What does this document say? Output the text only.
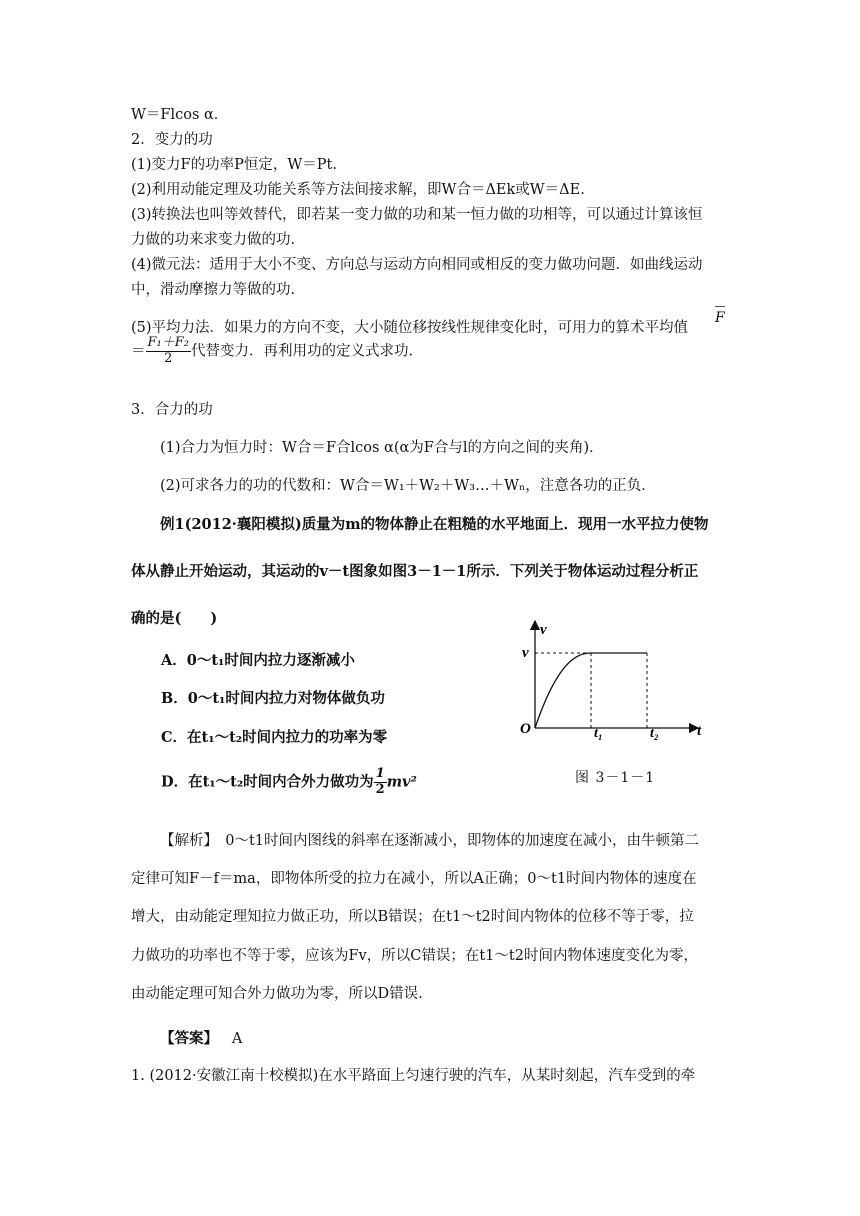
W＝Flcos α．
2．变力的功
(1)变力F的功率P恒定，W＝Pt.
(2)利用动能定理及功能关系等方法间接求解，即W合＝ΔEk或W＝ΔE.
(3)转换法也叫等效替代，即若某一变力做的功和某一恒力做的功相等，可以通过计算该恒
力做的功来求变力做的功.
(4)微元法：适用于大小不变、方向总与运动方向相同或相反的变力做功问题．如曲线运动
中，滑动摩擦力等做的功.
(5)平均力法．如果力的方向不变，大小随位移按线性规律变化时，可用力的算术平均值
F
＝ $\frac{\text{F₁＋F₂}}{2}$ 代替变力．再利用功的定义式求功.
3．合力的功
(1)合力为恒力时：W合＝F合lcos α(α为F合与l的方向之间的夹角)．
(2)可求各力的功的代数和：W合＝W₁＋W₂＋W₃…＋Wₙ，注意各功的正负．
例1(2012·襄阳模拟)质量为m的物体静止在粗糙的水平地面上．现用一水平拉力使物
体从静止开始运动，其运动的v－t图象如图3－1－1所示．下列关于物体运动过程分析正
确的是(　　)
A．0～t₁时间内拉力逐渐减小
B．0～t₁时间内拉力对物体做负功
C．在t₁～t₂时间内拉力的功率为零
D．在t₁～t₂时间内合外力做功为 $\frac{1}{2} mv^2$
v
t
O
v
t₁	t₂
图 3－1－1
【解析】　0～t1时间内图线的斜率在逐渐减小，即物体的加速度在减小，由牛顿第二
定律可知F－f＝ma，即物体所受的拉力在减小，所以A正确；0～t1时间内物体的速度在
增大，由动能定理知拉力做正功，所以B错误；在t1～t2时间内物体的位移不等于零，拉
力做功的功率也不等于零，应该为Fv，所以C错误；在t1～t2时间内物体速度变化为零，
由动能定理可知合外力做功为零，所以D错误.
【答案】 A
1. (2012·安徽江南十校模拟)在水平路面上匀速行驶的汽车，从某时刻起，汽车受到的牵
